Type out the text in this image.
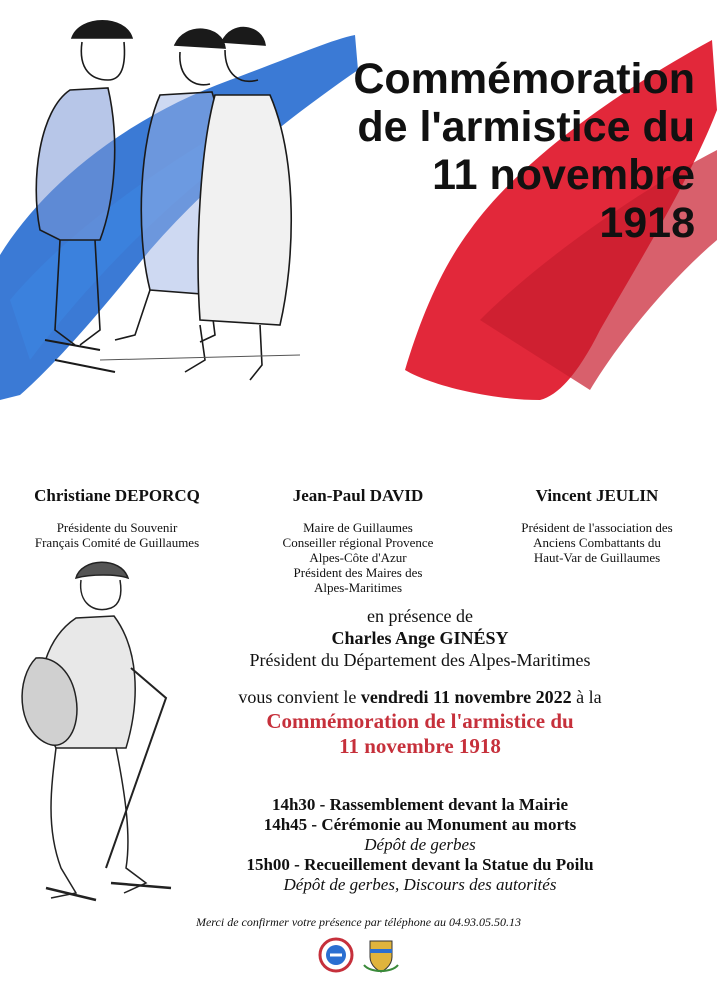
Commémoration
de l'armistice du
11 novembre
1918
Christiane DEPORCQ
Présidente du Souvenir
Français Comité de Guillaumes
Jean-Paul DAVID
Maire de Guillaumes
Conseiller régional Provence
Alpes-Côte d'Azur
Président des Maires des
Alpes-Maritimes
Vincent JEULIN
Président de l'association des
Anciens Combattants du
Haut-Var de Guillaumes
en présence de
Charles Ange GINÉSY
Président du Département des Alpes-Maritimes
vous convient le vendredi 11 novembre 2022 à la
Commémoration de l'armistice du
11 novembre 1918
14h30 - Rassemblement devant la Mairie
14h45 - Cérémonie au Monument au morts
Dépôt de gerbes
15h00 - Recueillement devant la Statue du Poilu
Dépôt de gerbes, Discours des autorités
Merci de confirmer votre présence par téléphone au 04.93.05.50.13
